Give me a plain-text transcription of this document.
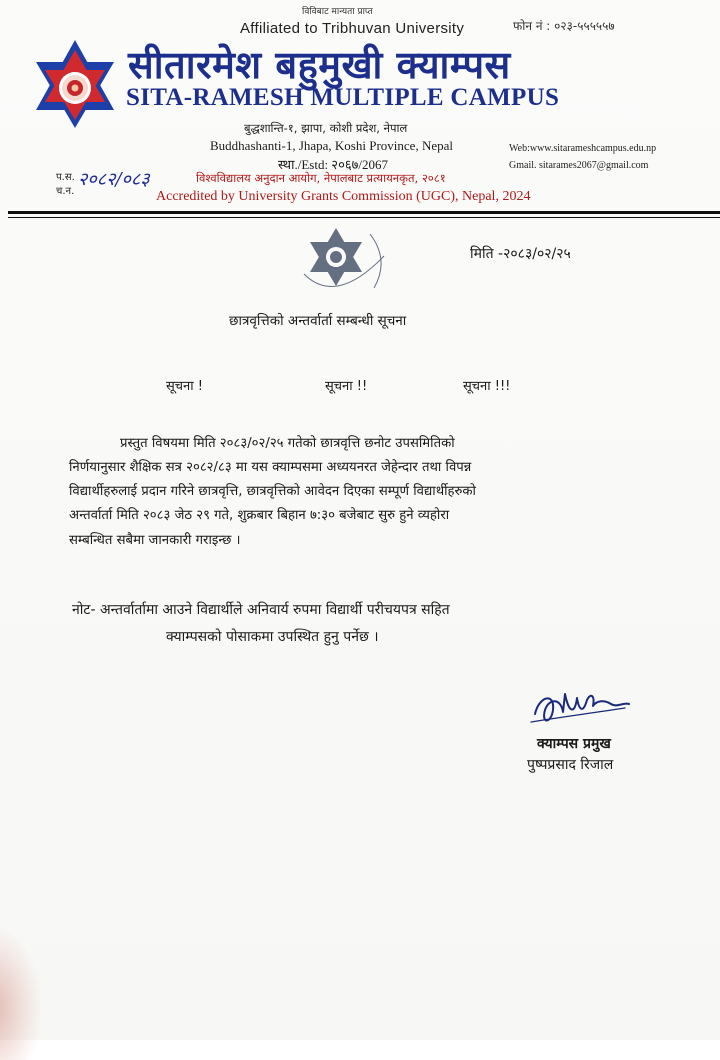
विविबाट मान्यता प्राप्त
Affiliated to Tribhuvan University	फोन नं : ०२३-५५५५५७
सीतारमेश बहुमुखी क्याम्पस
SITA-RAMESH MULTIPLE CAMPUS
बुद्धशान्ति-१, झापा, कोशी प्रदेश, नेपाल
Buddhashanti-1, Jhapa, Koshi Province, Nepal
स्था./Estd: २०६७/2067
Web:www.sitarameshcampus.edu.np
Gmail. sitarames2067@gmail.com
प.स.
च.न.
२०८२/०८३	विश्वविद्यालय अनुदान आयोग, नेपालबाट प्रत्यायनकृत, २०८१
Accredited by University Grants Commission (UGC), Nepal, 2024
मिति -२०८३/०२/२५
छात्रवृत्तिको अन्तर्वार्ता सम्बन्धी सूचना
सूचना !	सूचना !!	सूचना !!!
प्रस्तुत विषयमा मिति २०८३/०२/२५ गतेको छात्रवृत्ति छनोट उपसमितिको
निर्णयानुसार शैक्षिक सत्र २०८२/८३ मा यस क्याम्पसमा अध्ययनरत जेहेन्दार तथा विपन्न
विद्यार्थीहरुलाई प्रदान गरिने छात्रवृत्ति, छात्रवृत्तिको आवेदन दिएका सम्पूर्ण विद्यार्थीहरुको
अन्तर्वार्ता मिति २०८३ जेठ २९ गते, शुक्रबार बिहान ७:३० बजेबाट सुरु हुने व्यहोरा
सम्बन्धित सबैमा जानकारी गराइन्छ ।
नोट- अन्तर्वार्तामा आउने विद्यार्थीले अनिवार्य रुपमा विद्यार्थी परीचयपत्र सहित
क्याम्पसको पोसाकमा उपस्थित हुनु पर्नेछ ।
क्याम्पस प्रमुख
पुष्पप्रसाद रिजाल
